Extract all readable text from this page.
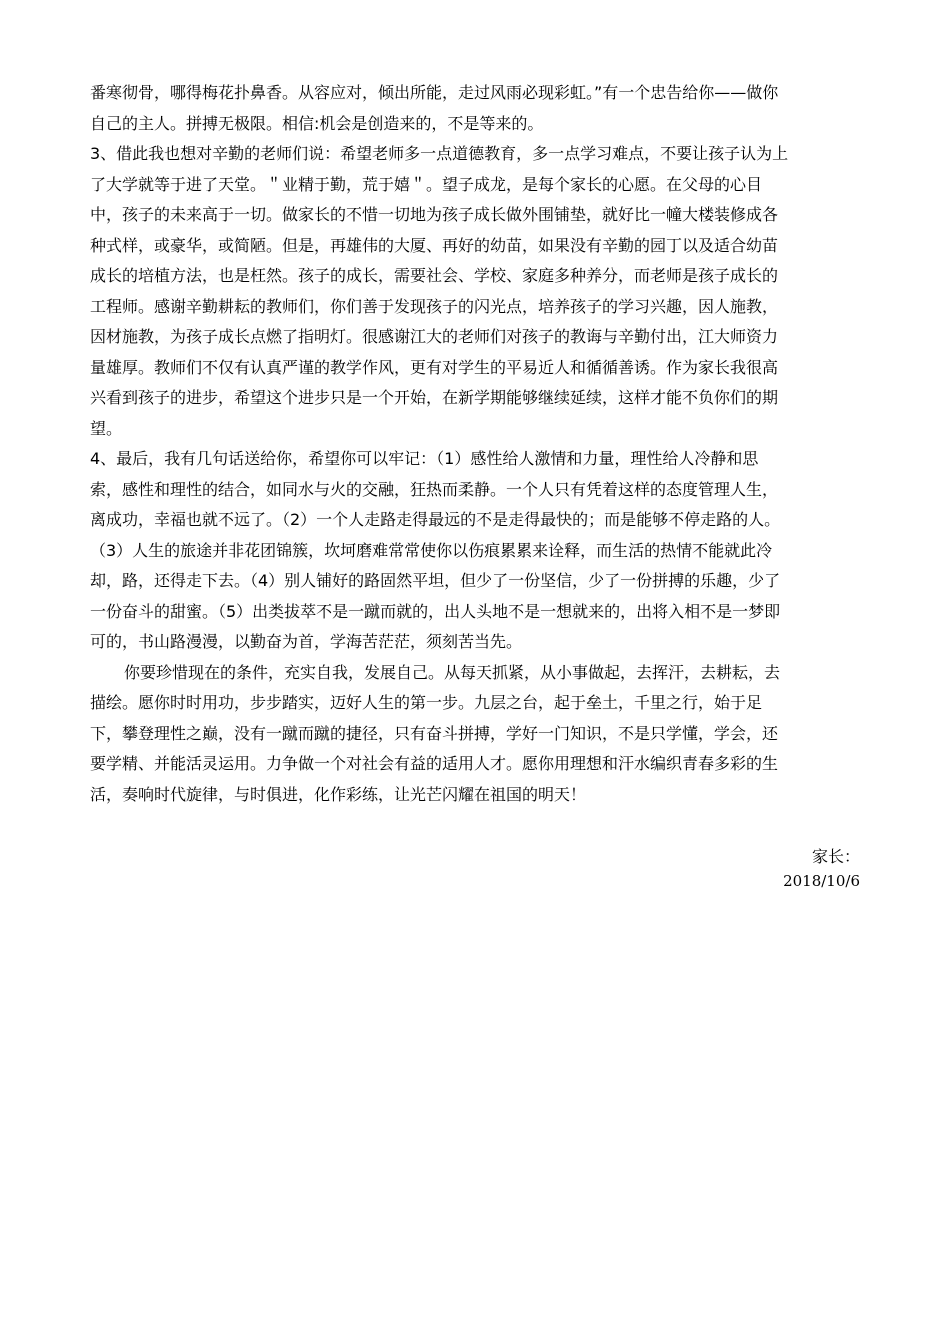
番寒彻骨，哪得梅花扑鼻香。从容应对，倾出所能，走过风雨必现彩虹。”有一个忠告给你——做你
自己的主人。拼搏无极限。相信:机会是创造来的，不是等来的。
3、借此我也想对辛勤的老师们说：希望老师多一点道德教育，多一点学习难点，不要让孩子认为上
了大学就等于进了天堂。＂业精于勤，荒于嬉＂。望子成龙，是每个家长的心愿。在父母的心目
中，孩子的未来高于一切。做家长的不惜一切地为孩子成长做外围铺垫，就好比一幢大楼装修成各
种式样，或豪华，或简陋。但是，再雄伟的大厦、再好的幼苗，如果没有辛勤的园丁以及适合幼苗
成长的培植方法，也是枉然。孩子的成长，需要社会、学校、家庭多种养分，而老师是孩子成长的
工程师。感谢辛勤耕耘的教师们，你们善于发现孩子的闪光点，培养孩子的学习兴趣，因人施教，
因材施教，为孩子成长点燃了指明灯。很感谢江大的老师们对孩子的教诲与辛勤付出，江大师资力
量雄厚。教师们不仅有认真严谨的教学作风，更有对学生的平易近人和循循善诱。作为家长我很高
兴看到孩子的进步，希望这个进步只是一个开始，在新学期能够继续延续，这样才能不负你们的期
望。
4、最后，我有几句话送给你，希望你可以牢记：（1）感性给人激情和力量，理性给人冷静和思
索，感性和理性的结合，如同水与火的交融，狂热而柔静。一个人只有凭着这样的态度管理人生，
离成功，幸福也就不远了。（2）一个人走路走得最远的不是走得最快的；而是能够不停走路的人。
（3）人生的旅途并非花团锦簇，坎坷磨难常常使你以伤痕累累来诠释，而生活的热情不能就此冷
却，路，还得走下去。（4）别人铺好的路固然平坦，但少了一份坚信，少了一份拼搏的乐趣，少了
一份奋斗的甜蜜。（5）出类拔萃不是一蹴而就的，出人头地不是一想就来的，出将入相不是一梦即
可的，书山路漫漫，以勤奋为首，学海苦茫茫，须刻苦当先。
你要珍惜现在的条件，充实自我，发展自己。从每天抓紧，从小事做起，去挥汗，去耕耘，去
描绘。愿你时时用功，步步踏实，迈好人生的第一步。九层之台，起于垒土，千里之行，始于足
下，攀登理性之巅，没有一蹴而蹴的捷径，只有奋斗拼搏，学好一门知识，不是只学懂，学会，还
要学精、并能活灵运用。力争做一个对社会有益的适用人才。愿你用理想和汗水编织青春多彩的生
活，奏响时代旋律，与时俱进，化作彩练，让光芒闪耀在祖国的明天！
家长：
2018/10/6
